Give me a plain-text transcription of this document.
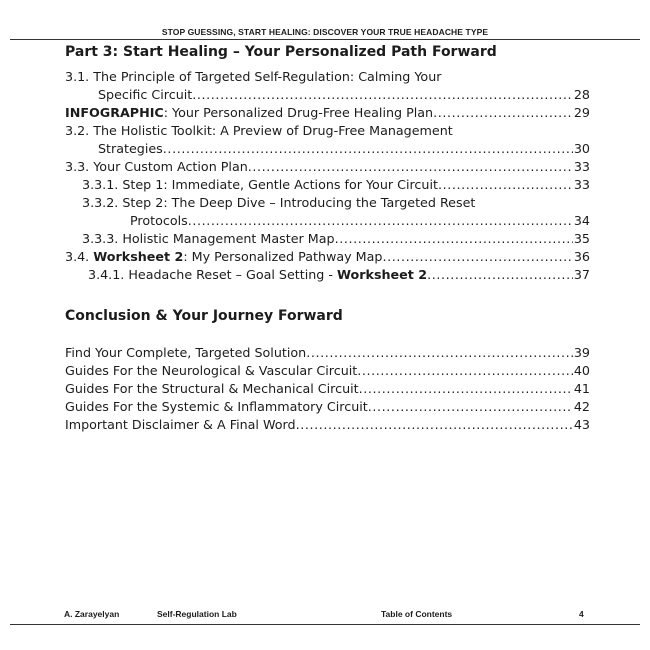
STOP GUESSING, START HEALING: DISCOVER YOUR TRUE HEADACHE TYPE
Part 3: Start Healing – Your Personalized Path Forward
3.1. The Principle of Targeted Self-Regulation: Calming Your
Specific Circuit .....	28
INFOGRAPHIC : Your Personalized Drug-Free Healing Plan .....	29
3.2. The Holistic Toolkit: A Preview of Drug-Free Management
Strategies .....	30
3.3. Your Custom Action Plan .....	33
3.3.1. Step 1: Immediate, Gentle Actions for Your Circuit .....	33
3.3.2. Step 2: The Deep Dive – Introducing the Targeted Reset
Protocols .....	34
3.3.3. Holistic Management Master Map .....	35
3.4. Worksheet 2 : My Personalized Pathway Map .....	36
3.4.1. Headache Reset – Goal Setting - Worksheet 2 .....	37
Conclusion & Your Journey Forward
Find Your Complete, Targeted Solution .....	39
Guides For the Neurological & Vascular Circuit .....	40
Guides For the Structural & Mechanical Circuit .....	41
Guides For the Systemic & Inflammatory Circuit .....	42
Important Disclaimer & A Final Word .....	43
A. Zarayelyan	Self-Regulation Lab	Table of Contents	4
